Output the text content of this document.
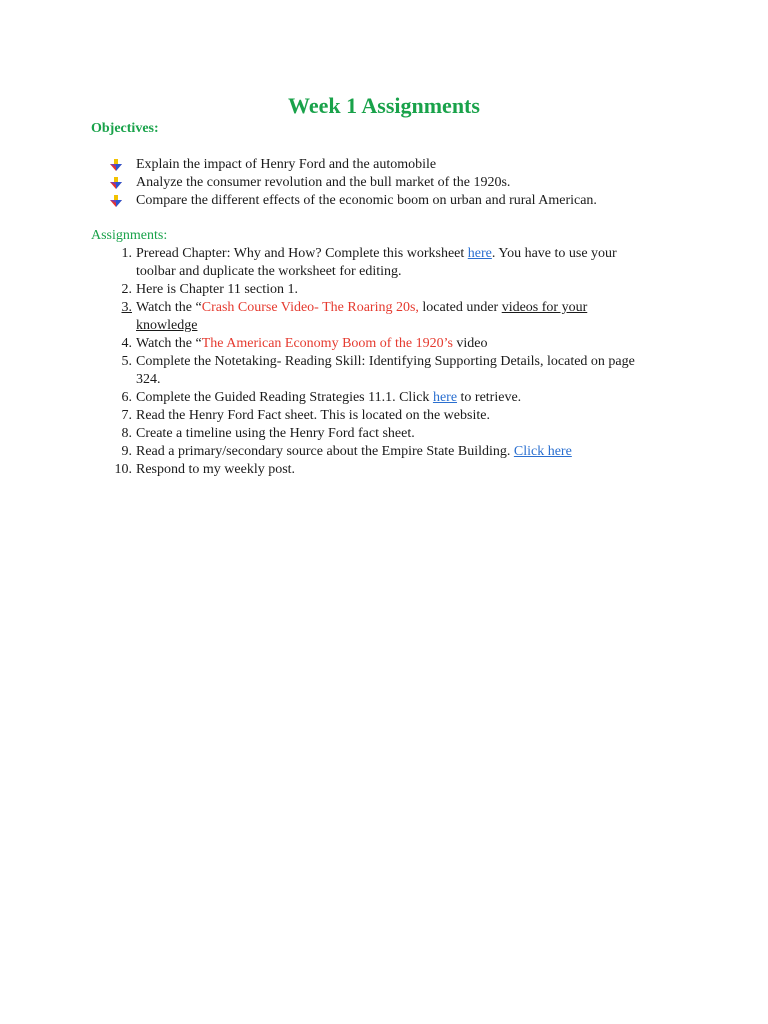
Week 1 Assignments
Objectives:
Explain the impact of Henry Ford and the automobile
Analyze the consumer revolution and the bull market of the 1920s.
Compare the different effects of the economic boom on urban and rural American.
Assignments:
1. Preread Chapter: Why and How? Complete this worksheet here. You have to use your
toolbar and duplicate the worksheet for editing.
2. Here is Chapter 11 section 1.
3. Watch the “Crash Course Video- The Roaring 20s, located under videos for your
knowledge
4. Watch the “The American Economy Boom of the 1920’s video
5. Complete the Notetaking- Reading Skill: Identifying Supporting Details, located on page
324.
6. Complete the Guided Reading Strategies 11.1. Click here to retrieve.
7. Read the Henry Ford Fact sheet. This is located on the website.
8. Create a timeline using the Henry Ford fact sheet.
9. Read a primary/secondary source about the Empire State Building. Click here
10. Respond to my weekly post.
